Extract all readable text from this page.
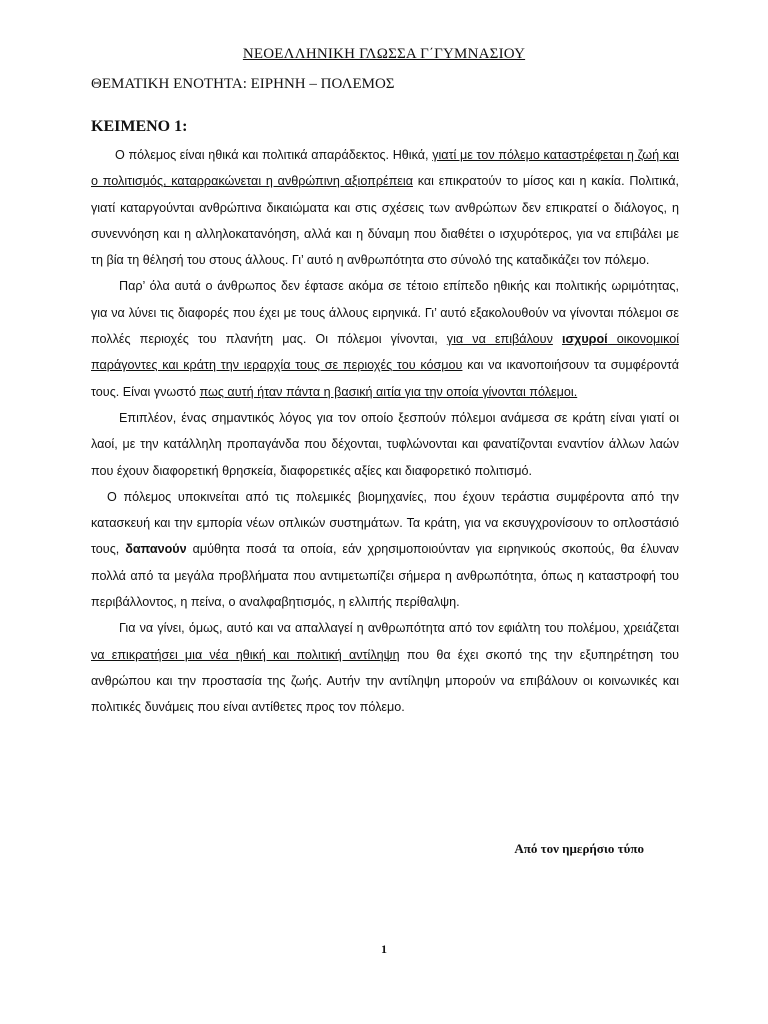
ΝΕΟΕΛΛΗΝΙΚΗ ΓΛΩΣΣΑ Γ΄ΓΥΜΝΑΣΙΟΥ
ΘΕΜΑΤΙΚΗ ΕΝΟΤΗΤΑ: ΕΙΡΗΝΗ – ΠΟΛΕΜΟΣ
ΚΕΙΜΕΝΟ 1:

Ο πόλεμος είναι ηθικά και πολιτικά απαράδεκτος. Ηθικά, γιατί με τον πόλεμο καταστρέφεται η ζωή και ο πολιτισμός, καταρρακώνεται η ανθρώπινη αξιοπρέπεια και επικρατούν το μίσος και η κακία. Πολιτικά, γιατί καταργούνται ανθρώπινα δικαιώματα και στις σχέσεις των ανθρώπων δεν επικρατεί ο διάλογος, η συνεννόηση και η αλληλοκατανόηση, αλλά και η δύναμη που διαθέτει ο ισχυρότερος, για να επιβάλει με τη βία τη θέλησή του στους άλλους. Γι’ αυτό η ανθρωπότητα στο σύνολό της καταδικάζει τον πόλεμο.

Παρ’ όλα αυτά ο άνθρωπος δεν έφτασε ακόμα σε τέτοιο επίπεδο ηθικής και πολιτικής ωριμότητας, για να λύνει τις διαφορές που έχει με τους άλλους ειρηνικά. Γι’ αυτό εξακολουθούν να γίνονται πόλεμοι σε πολλές περιοχές του πλανήτη μας. Οι πόλεμοι γίνονται, για να επιβάλουν ισχυροί οικονομικοί παράγοντες και κράτη την ιεραρχία τους σε περιοχές του κόσμου και να ικανοποιήσουν τα συμφέροντά τους. Είναι γνωστό πως αυτή ήταν πάντα η βασική αιτία για την οποία γίνονται πόλεμοι.

Επιπλέον, ένας σημαντικός λόγος για τον οποίο ξεσπούν πόλεμοι ανάμεσα σε κράτη είναι γιατί οι λαοί, με την κατάλληλη προπαγάνδα που δέχονται, τυφλώνονται και φανατίζονται εναντίον άλλων λαών που έχουν διαφορετική θρησκεία, διαφορετικές αξίες και διαφορετικό πολιτισμό.

Ο πόλεμος υποκινείται από τις πολεμικές βιομηχανίες, που έχουν τεράστια συμφέροντα από την κατασκευή και την εμπορία νέων οπλικών συστημάτων. Τα κράτη, για να εκσυγχρονίσουν το οπλοστάσιό τους, δαπανούν αμύθητα ποσά τα οποία, εάν χρησιμοποιούνταν για ειρηνικούς σκοπούς, θα έλυναν πολλά από τα μεγάλα προβλήματα που αντιμετωπίζει σήμερα η ανθρωπότητα, όπως η καταστροφή του περιβάλλοντος, η πείνα, ο αναλφαβητισμός, η ελλιπής περίθαλψη.

Για να γίνει, όμως, αυτό και να απαλλαγεί η ανθρωπότητα από τον εφιάλτη του πολέμου, χρειάζεται να επικρατήσει μια νέα ηθική και πολιτική αντίληψη που θα έχει σκοπό της την εξυπηρέτηση του ανθρώπου και την προστασία της ζωής. Αυτήν την αντίληψη μπορούν να επιβάλουν οι κοινωνικές και πολιτικές δυνάμεις που είναι αντίθετες προς τον πόλεμο.

Από τον ημερήσιο τύπο
1
